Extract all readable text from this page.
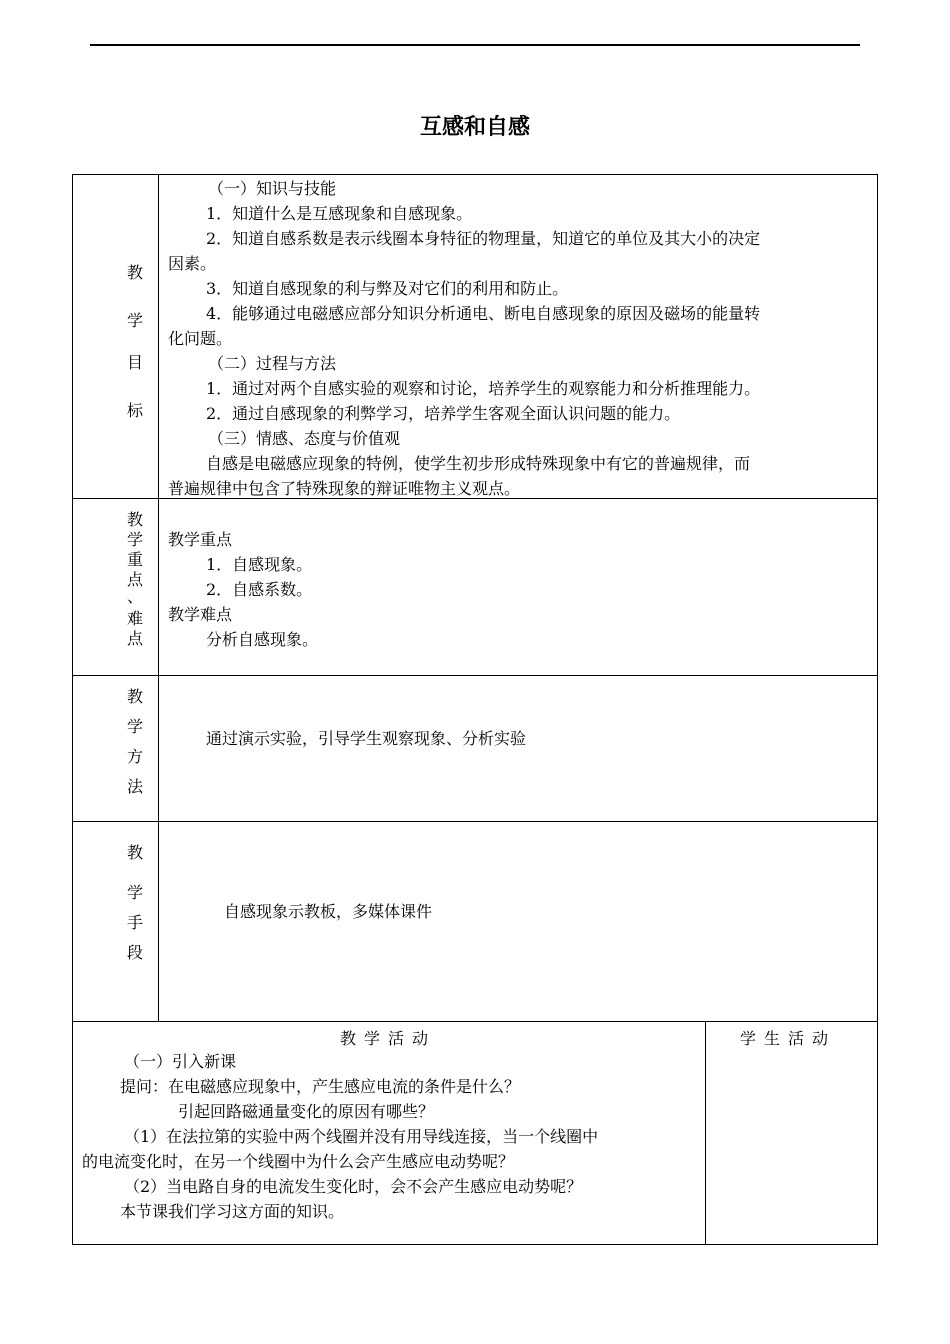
互感和自感
教
学
目
标
（一）知识与技能
1．知道什么是互感现象和自感现象。
2．知道自感系数是表示线圈本身特征的物理量，知道它的单位及其大小的决定
因素。
3．知道自感现象的利与弊及对它们的利用和防止。
4．能够通过电磁感应部分知识分析通电、断电自感现象的原因及磁场的能量转
化问题。
（二）过程与方法
1．通过对两个自感实验的观察和讨论，培养学生的观察能力和分析推理能力。
2．通过自感现象的利弊学习，培养学生客观全面认识问题的能力。
（三）情感、态度与价值观
自感是电磁感应现象的特例，使学生初步形成特殊现象中有它的普遍规律，而
普遍规律中包含了特殊现象的辩证唯物主义观点。
教
学
重
点
、
难
点
教学重点
1．自感现象。
2．自感系数。
教学难点
分析自感现象。
教
学
方
法
通过演示实验，引导学生观察现象、分析实验
教
学
手
段
自感现象示教板，多媒体课件
教学活动	学生活动
（一）引入新课
提问：在电磁感应现象中，产生感应电流的条件是什么？
引起回路磁通量变化的原因有哪些？
（1）在法拉第的实验中两个线圈并没有用导线连接，当一个线圈中
的电流变化时，在另一个线圈中为什么会产生感应电动势呢？
（2）当电路自身的电流发生变化时，会不会产生感应电动势呢？
本节课我们学习这方面的知识。
